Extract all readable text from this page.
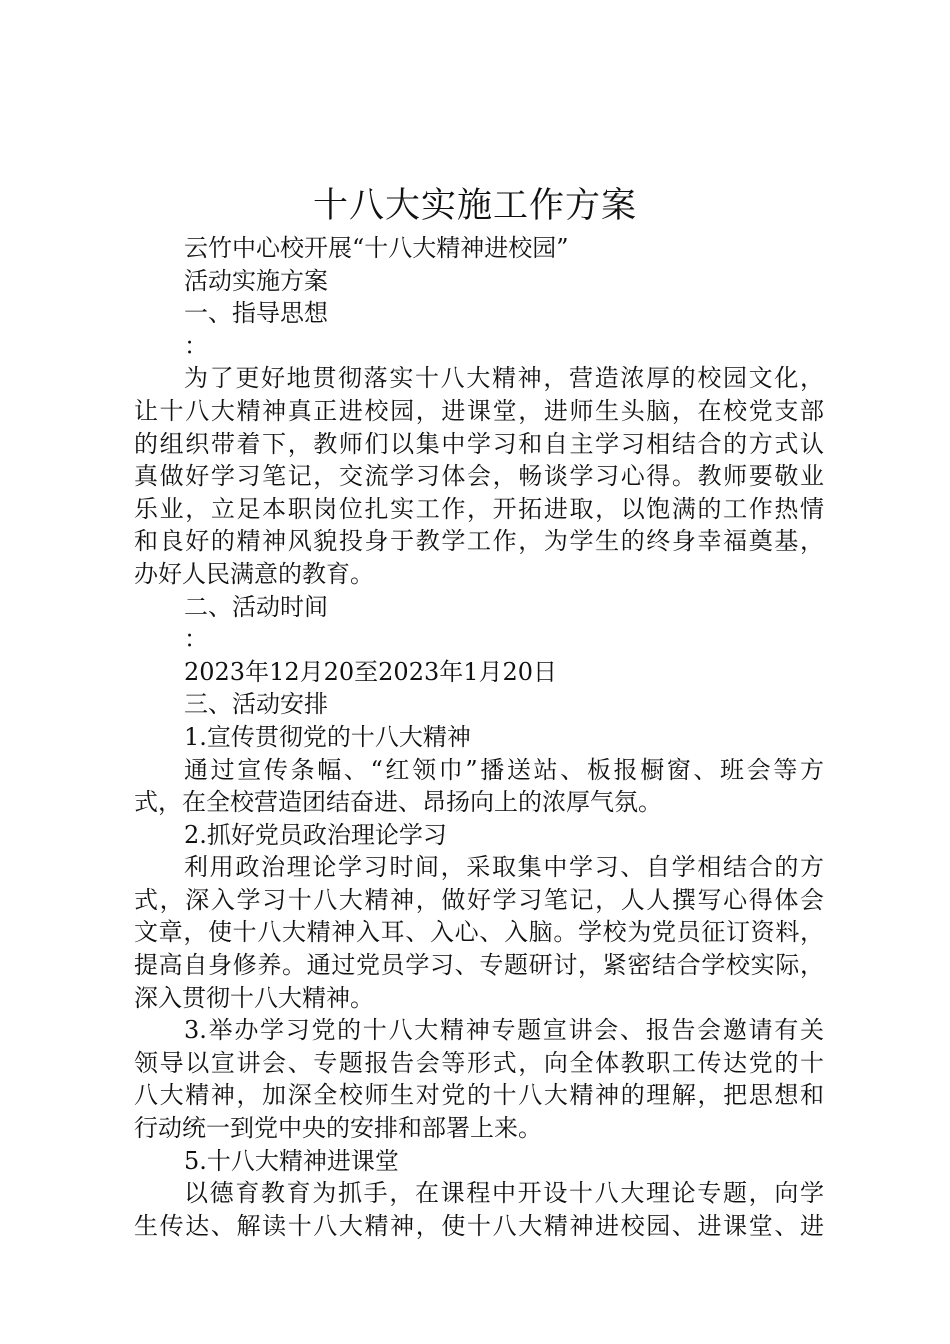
十八大实施工作方案
云竹中心校开展“十八大精神进校园”
活动实施方案
一、指导思想
：
为了更好地贯彻落实十八大精神，营造浓厚的校园文化，
让十八大精神真正进校园，进课堂，进师生头脑，在校党支部
的组织带着下，教师们以集中学习和自主学习相结合的方式认
真做好学习笔记，交流学习体会，畅谈学习心得。教师要敬业
乐业，立足本职岗位扎实工作，开拓进取，以饱满的工作热情
和良好的精神风貌投身于教学工作，为学生的终身幸福奠基，
办好人民满意的教育。
二、活动时间
：
2023年12月20至2023年1月20日
三、活动安排
1.宣传贯彻党的十八大精神
通过宣传条幅、“红领巾”播送站、板报橱窗、班会等方
式，在全校营造团结奋进、昂扬向上的浓厚气氛。
2.抓好党员政治理论学习
利用政治理论学习时间，采取集中学习、自学相结合的方
式，深入学习十八大精神，做好学习笔记，人人撰写心得体会
文章，使十八大精神入耳、入心、入脑。学校为党员征订资料，
提高自身修养。通过党员学习、专题研讨，紧密结合学校实际，
深入贯彻十八大精神。
3.举办学习党的十八大精神专题宣讲会、报告会邀请有关
领导以宣讲会、专题报告会等形式，向全体教职工传达党的十
八大精神，加深全校师生对党的十八大精神的理解，把思想和
行动统一到党中央的安排和部署上来。
5.十八大精神进课堂
以德育教育为抓手，在课程中开设十八大理论专题，向学
生传达、解读十八大精神，使十八大精神进校园、进课堂、进
